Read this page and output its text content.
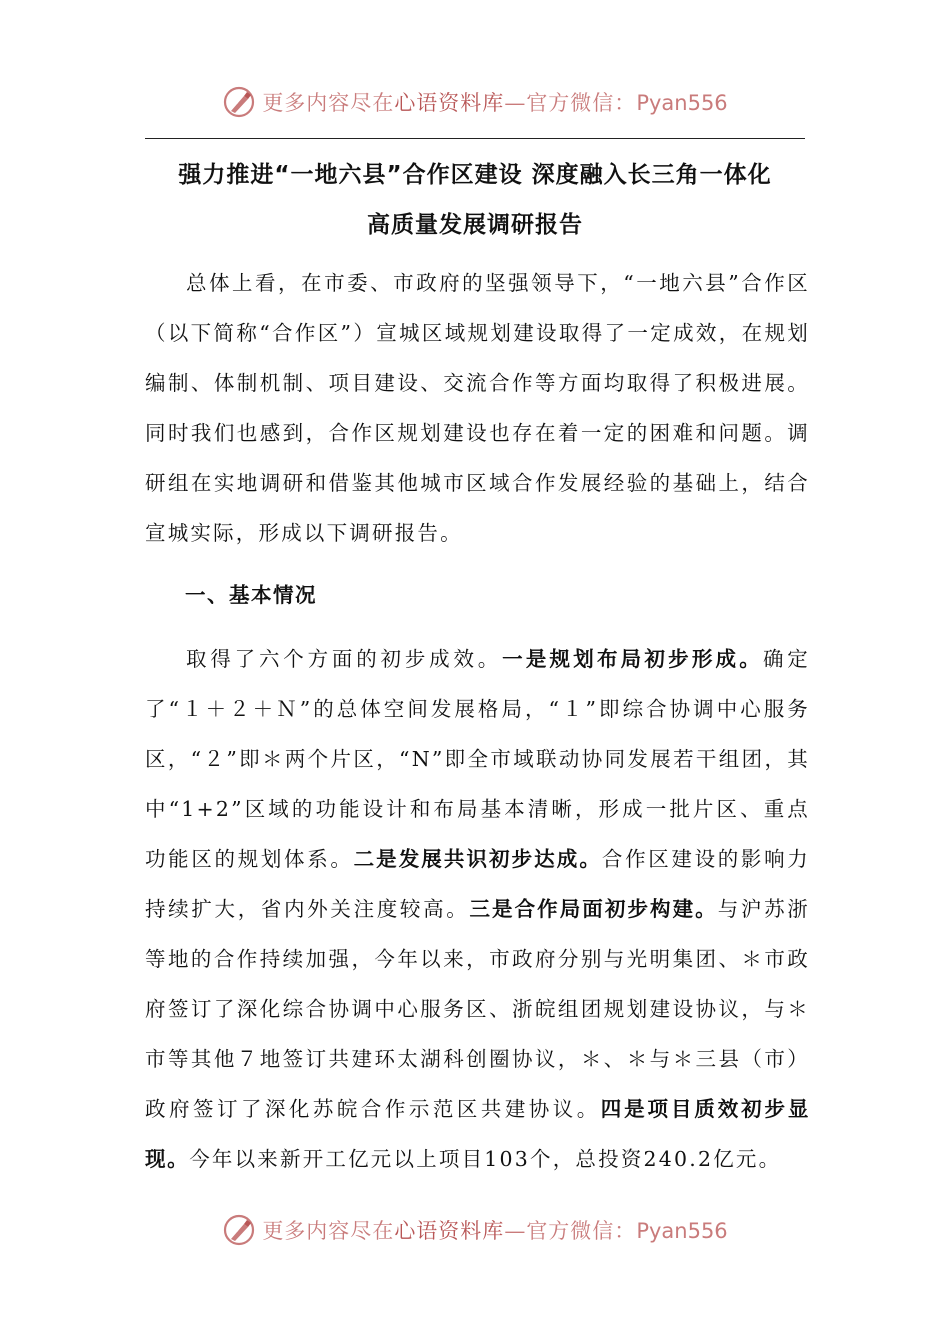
更多内容尽在心语资料库—官方微信：Pyan556
强力推进“一地六县”合作区建设 深度融入长三角一体化
高质量发展调研报告

总体上看，在市委、市政府的坚强领导下，“一地六县”合作区（以下简称“合作区”）宣城区域规划建设取得了一定成效，在规划编制、体制机制、项目建设、交流合作等方面均取得了积极进展。同时我们也感到，合作区规划建设也存在着一定的困难和问题。调研组在实地调研和借鉴其他城市区域合作发展经验的基础上，结合宣城实际，形成以下调研报告。

一、基本情况

取得了六个方面的初步成效。一是规划布局初步形成。确定了“１＋２＋Ｎ”的总体空间发展格局，“１”即综合协调中心服务区，“２”即＊两个片区，“N”即全市域联动协同发展若干组团，其中“1+2”区域的功能设计和布局基本清晰，形成一批片区、重点功能区的规划体系。二是发展共识初步达成。合作区建设的影响力持续扩大，省内外关注度较高。三是合作局面初步构建。与沪苏浙等地的合作持续加强，今年以来，市政府分别与光明集团、＊市政府签订了深化综合协调中心服务区、浙皖组团规划建设协议，与＊市等其他７地签订共建环太湖科创圈协议，＊、＊与＊三县（市）政府签订了深化苏皖合作示范区共建协议。四是项目质效初步显现。今年以来新开工亿元以上项目103个，总投资240.2亿元。

更多内容尽在心语资料库—官方微信：Pyan556
